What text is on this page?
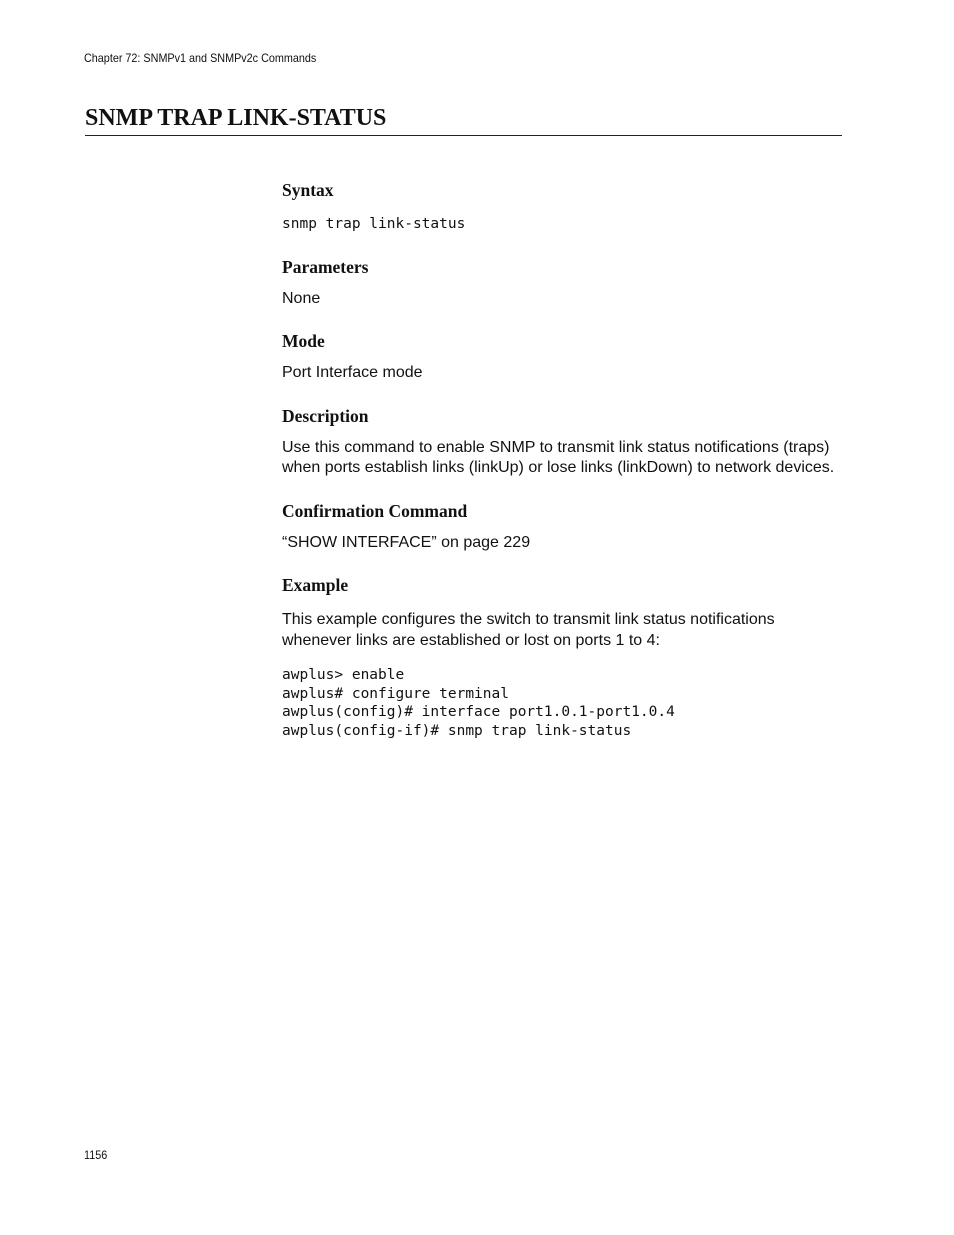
Chapter 72: SNMPv1 and SNMPv2c Commands
SNMP TRAP LINK-STATUS
Syntax

snmp trap link-status

Parameters

None

Mode

Port Interface mode

Description

Use this command to enable SNMP to transmit link status notifications (traps) when ports establish links (linkUp) or lose links (linkDown) to network devices.

Confirmation Command

“SHOW INTERFACE” on page 229

Example

This example configures the switch to transmit link status notifications whenever links are established or lost on ports 1 to 4:

awplus> enable

awplus# configure terminal

awplus(config)# interface port1.0.1-port1.0.4

awplus(config-if)# snmp trap link-status

1156
